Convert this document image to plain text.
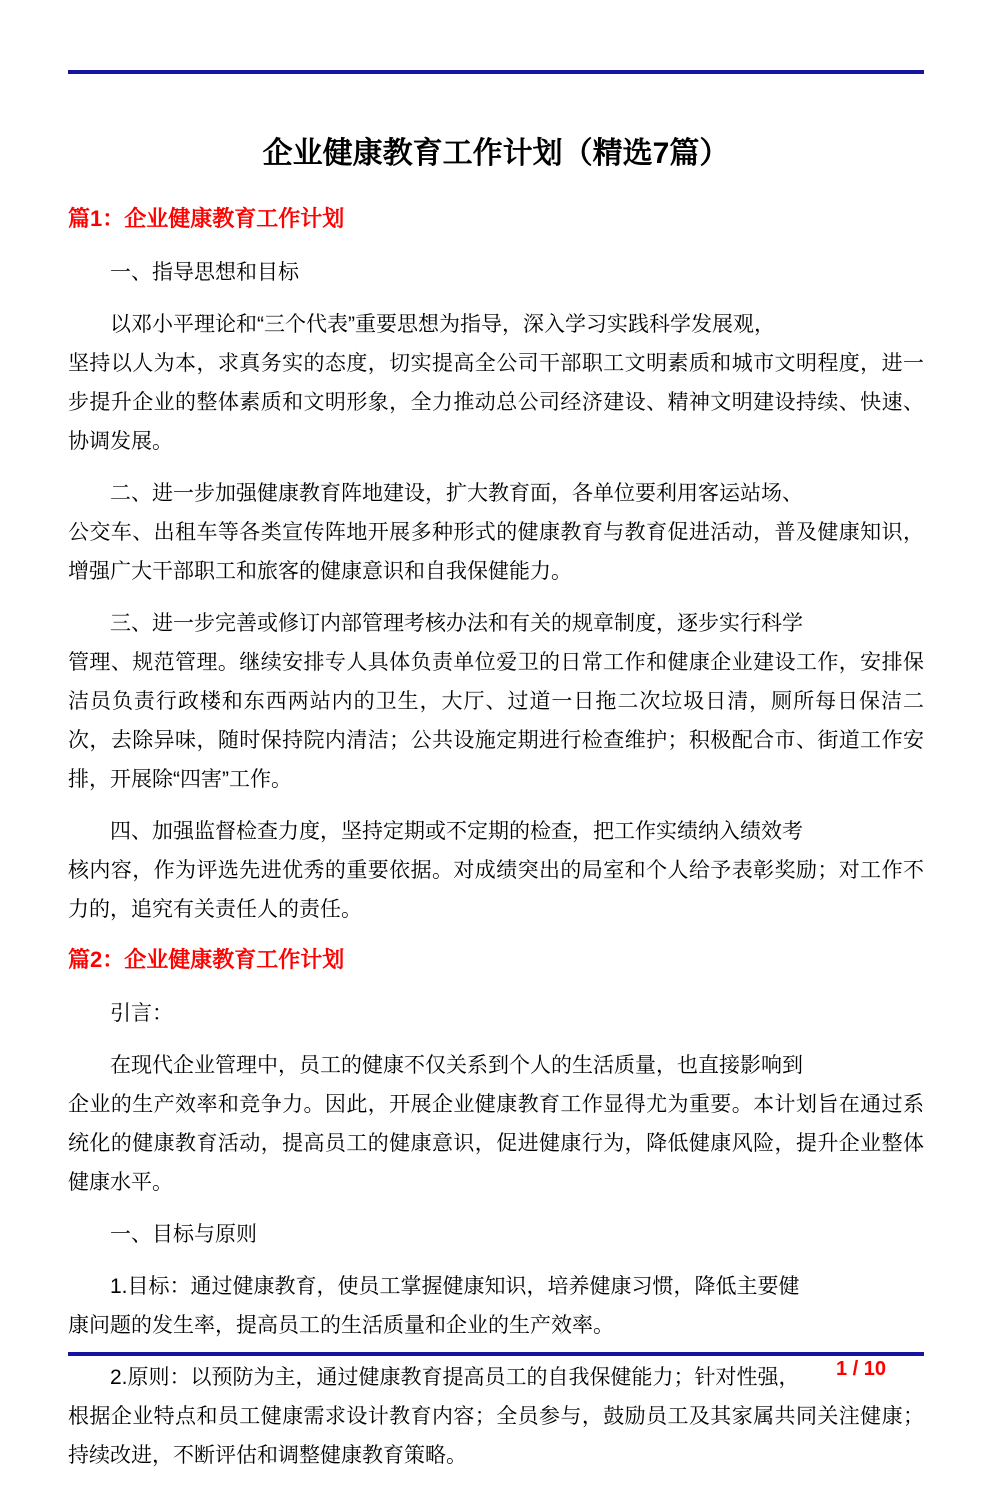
企业健康教育工作计划（精选7篇）
篇1：企业健康教育工作计划

一、指导思想和目标

以邓小平理论和“三个代表”重要思想为指导，深入学习实践科学发展观，
坚持以人为本，求真务实的态度，切实提高全公司干部职工文明素质和城市文明程度，进一步提升企业的整体素质和文明形象，全力推动总公司经济建设、精神文明建设持续、快速、协调发展。

二、进一步加强健康教育阵地建设，扩大教育面，各单位要利用客运站场、
公交车、出租车等各类宣传阵地开展多种形式的健康教育与教育促进活动，普及健康知识，增强广大干部职工和旅客的健康意识和自我保健能力。

三、进一步完善或修订内部管理考核办法和有关的规章制度，逐步实行科学
管理、规范管理。继续安排专人具体负责单位爱卫的日常工作和健康企业建设工作，安排保洁员负责行政楼和东西两站内的卫生，大厅、过道一日拖二次垃圾日清，厕所每日保洁二次，去除异味，随时保持院内清洁；公共设施定期进行检查维护；积极配合市、街道工作安排，开展除“四害”工作。

四、加强监督检查力度，坚持定期或不定期的检查，把工作实绩纳入绩效考
核内容，作为评选先进优秀的重要依据。对成绩突出的局室和个人给予表彰奖励；对工作不力的，追究有关责任人的责任。

篇2：企业健康教育工作计划

引言：

在现代企业管理中，员工的健康不仅关系到个人的生活质量，也直接影响到
企业的生产效率和竞争力。因此，开展企业健康教育工作显得尤为重要。本计划旨在通过系统化的健康教育活动，提高员工的健康意识，促进健康行为，降低健康风险，提升企业整体健康水平。

一、目标与原则

1.目标：通过健康教育，使员工掌握健康知识，培养健康习惯，降低主要健
康问题的发生率，提高员工的生活质量和企业的生产效率。

2.原则：以预防为主，通过健康教育提高员工的自我保健能力；针对性强，
根据企业特点和员工健康需求设计教育内容；全员参与，鼓励员工及其家属共同关注健康；持续改进，不断评估和调整健康教育策略。

1 / 10
